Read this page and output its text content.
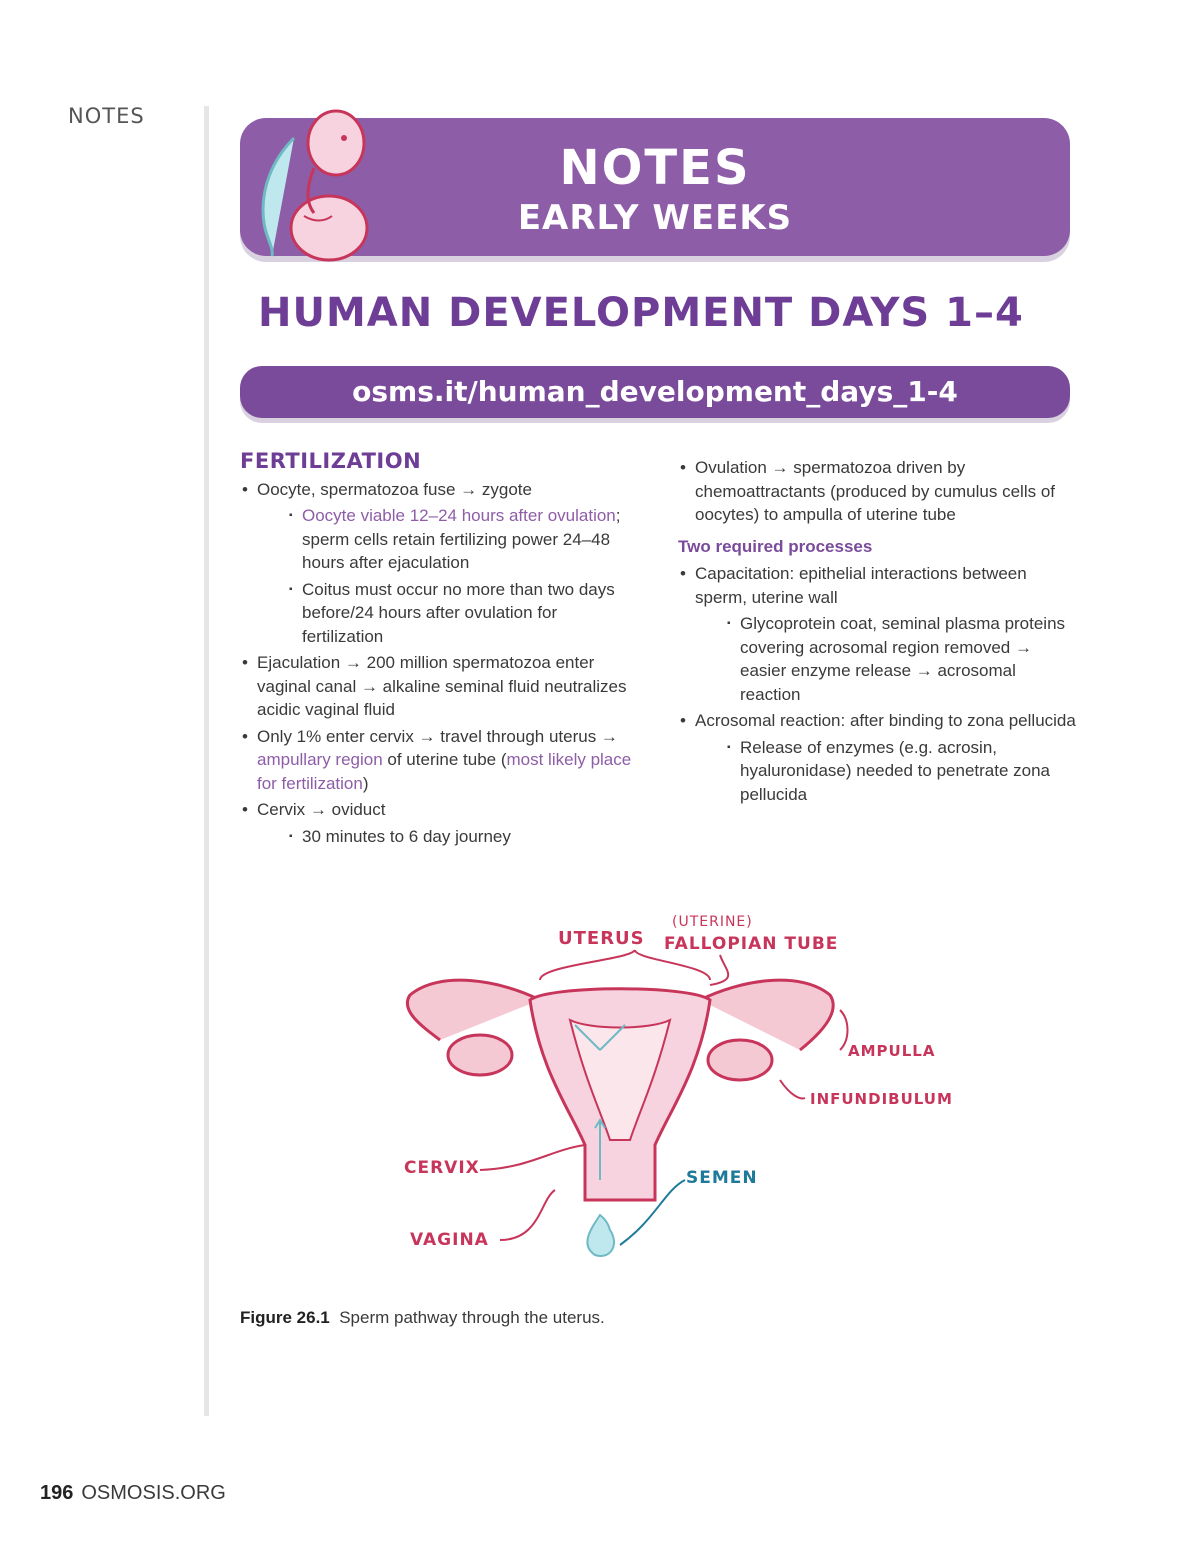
NOTES
NOTES
EARLY WEEKS
HUMAN DEVELOPMENT DAYS 1–4
osms.it/human_development_days_1-4
FERTILIZATION
• Oocyte, spermatozoa fuse → zygote
▪ Oocyte viable 12–24 hours after ovulation; sperm cells retain fertilizing power 24–48 hours after ejaculation
▪ Coitus must occur no more than two days before/24 hours after ovulation for fertilization
• Ejaculation → 200 million spermatozoa enter vaginal canal → alkaline seminal fluid neutralizes acidic vaginal fluid
• Only 1% enter cervix → travel through uterus → ampullary region of uterine tube (most likely place for fertilization)
• Cervix → oviduct
▪ 30 minutes to 6 day journey
• Ovulation → spermatozoa driven by chemoattractants (produced by cumulus cells of oocytes) to ampulla of uterine tube
Two required processes
• Capacitation: epithelial interactions between sperm, uterine wall
▪ Glycoprotein coat, seminal plasma proteins covering acrosomal region removed → easier enzyme release → acrosomal reaction
• Acrosomal reaction: after binding to zona pellucida
▪ Release of enzymes (e.g. acrosin, hyaluronidase) needed to penetrate zona pellucida
UTERUS
(UTERINE)
FALLOPIAN TUBE
AMPULLA
INFUNDIBULUM
CERVIX	SEMEN
VAGINA
Figure 26.1 Sperm pathway through the uterus.
196 OSMOSIS.ORG
